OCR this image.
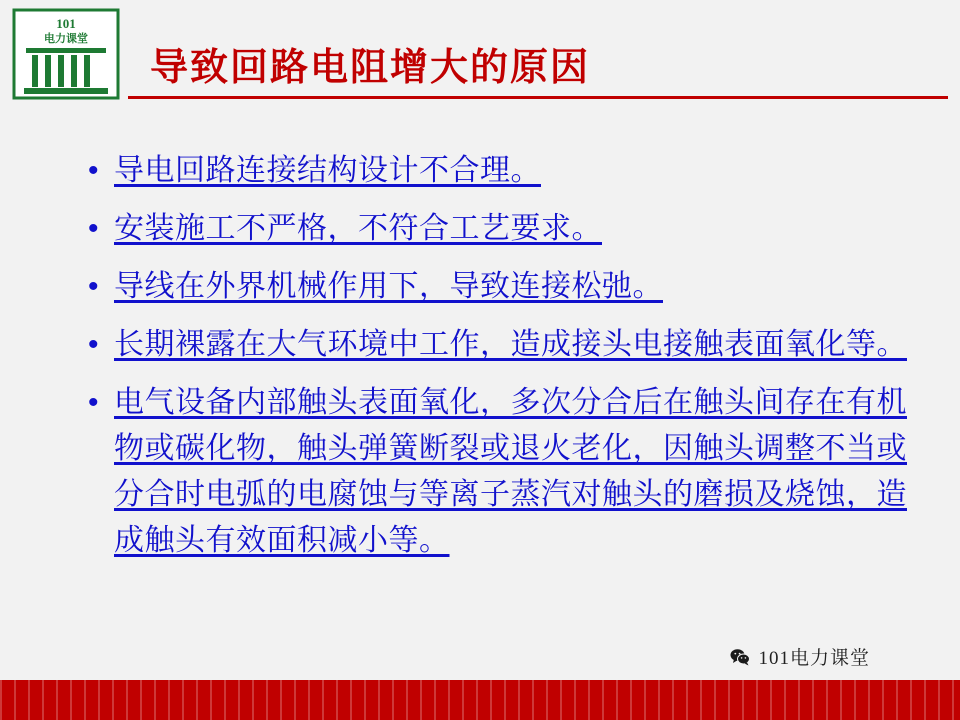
101
电力课堂
导致回路电阻增大的原因
• 导电回路连接结构设计不合理。
• 安装施工不严格，不符合工艺要求。
• 导线在外界机械作用下，导致连接松弛。
• 长期裸露在大气环境中工作，造成接头电接触表面氧化等。
• 电气设备内部触头表面氧化，多次分合后在触头间存在有机物或碳化物，触头弹簧断裂或退火老化，因触头调整不当或分合时电弧的电腐蚀与等离子蒸汽对触头的磨损及烧蚀，造成触头有效面积减小等。
101电力课堂
